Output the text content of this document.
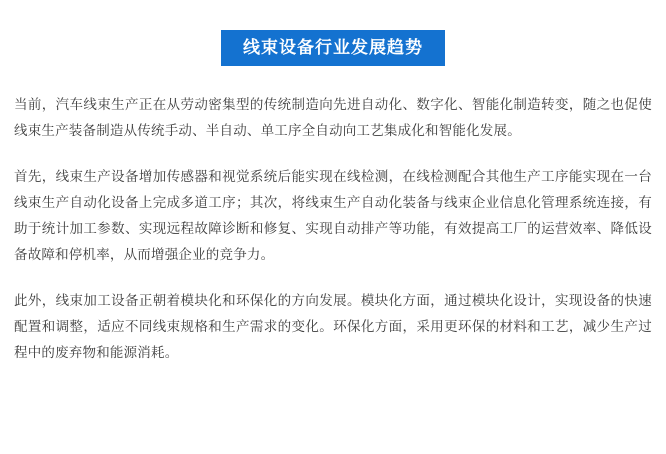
线束设备行业发展趋势

当前，汽车线束生产正在从劳动密集型的传统制造向先进自动化、数字化、智能化制造转变，随之也促使线束生产装备制造从传统手动、半自动、单工序全自动向工艺集成化和智能化发展。

首先，线束生产设备增加传感器和视觉系统后能实现在线检测，在线检测配合其他生产工序能实现在一台线束生产自动化设备上完成多道工序；其次，将线束生产自动化装备与线束企业信息化管理系统连接，有助于统计加工参数、实现远程故障诊断和修复、实现自动排产等功能，有效提高工厂的运营效率、降低设备故障和停机率，从而增强企业的竞争力。

此外，线束加工设备正朝着模块化和环保化的方向发展。模块化方面，通过模块化设计，实现设备的快速配置和调整，适应不同线束规格和生产需求的变化。环保化方面，采用更环保的材料和工艺，减少生产过程中的废弃物和能源消耗。
